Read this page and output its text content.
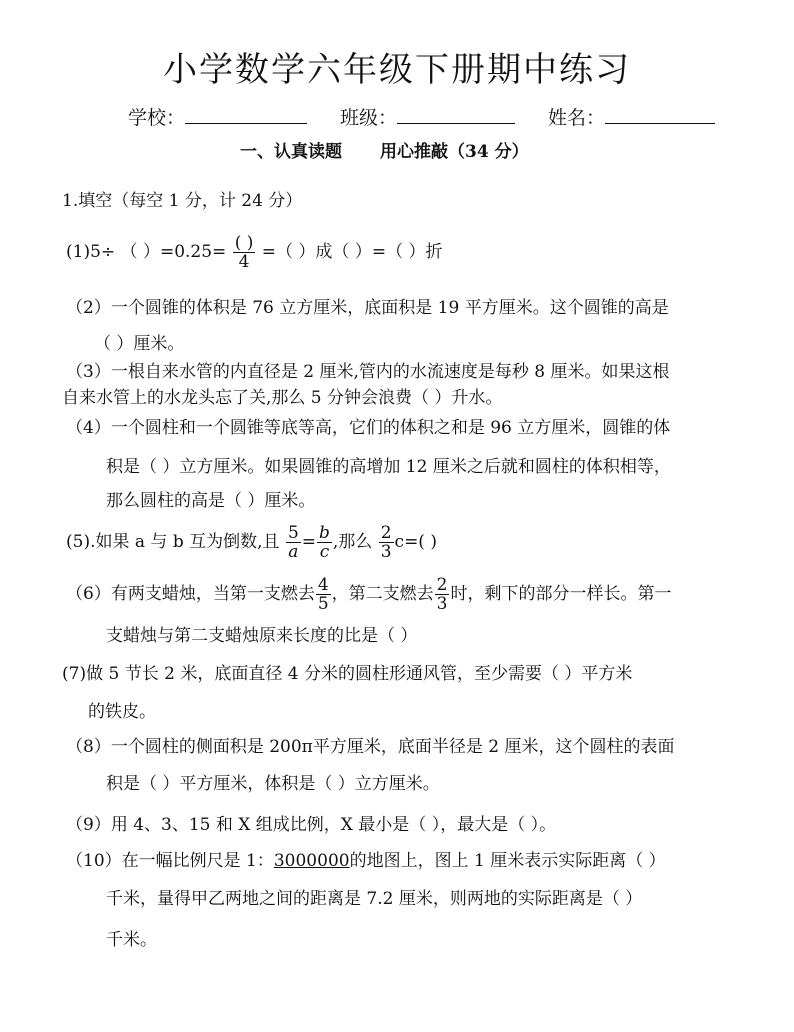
小学数学六年级下册期中练习
学校：	班级：	姓名：
一、认真读题 用心推敲（34 分）
1.填空（每空 1 分，计 24 分）
(1)5÷ （ ）$=0.25= \frac{( )}{4}$ =（ ）成（ ）=（ ）折
（2）一个圆锥的体积是 76 立方厘米，底面积是 19 平方厘米。这个圆锥的高是
（ ）厘米。
（3）一根自来水管的内直径是 2 厘米,管内的水流速度是每秒 8 厘米。如果这根
自来水管上的水龙头忘了关,那么 5 分钟会浪费（ ）升水。
（4）一个圆柱和一个圆锥等底等高，它们的体积之和是 96 立方厘米，圆锥的体
积是（ ）立方厘米。如果圆锥的高增加 12 厘米之后就和圆柱的体积相等，
那么圆柱的高是（ ）厘米。
(5).如果 a 与 b 互为倒数,且 $\frac{5}{a} = \frac{b}{c}$ ,那么 $\frac{2}{3} c=$( )
（6）有两支蜡烛，当第一支燃去 $\frac{4}{5}$ ，第二支燃去 $\frac{2}{3}$ 时，剩下的部分一样长。第一
支蜡烛与第二支蜡烛原来长度的比是（ ）
(7)做 5 节长 2 米，底面直径 4 分米的圆柱形通风管，至少需要（ ）平方米
的铁皮。
（8）一个圆柱的侧面积是 200π平方厘米，底面半径是 2 厘米，这个圆柱的表面
积是（ ）平方厘米，体积是（ ）立方厘米。
（9）用 4、3、15 和 X 组成比例，X 最小是（ ），最大是（ ）。
（10）在一幅比例尺是 1：3000000的地图上，图上 1 厘米表示实际距离（ ）
千米，量得甲乙两地之间的距离是 7.2 厘米，则两地的实际距离是（ ）
千米。
